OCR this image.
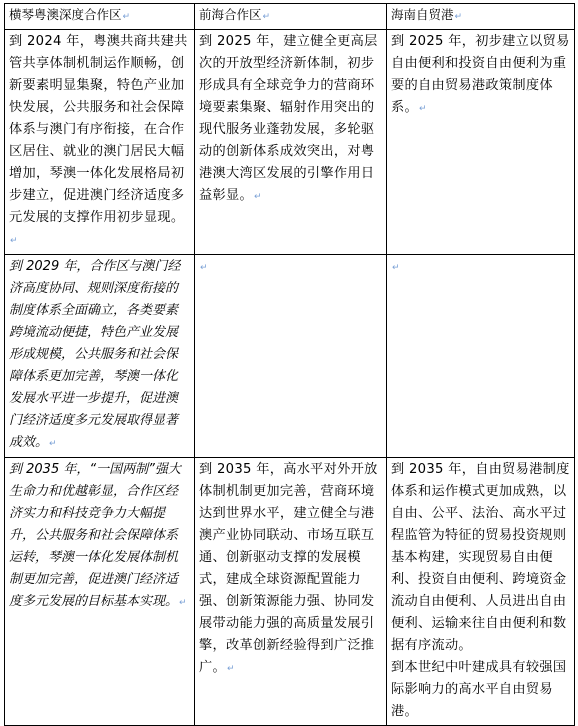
横琴粤澳深度合作区↵	前海合作区↵	海南自贸港↵
到 2024 年，粤澳共商共建共管共享体制机制运作顺畅，创新要素明显集聚，特色产业加快发展，公共服务和社会保障体系与澳门有序衔接，在合作区居住、就业的澳门居民大幅增加，琴澳一体化发展格局初步建立，促进澳门经济适度多元发展的支撑作用初步显现。↵	到 2025 年，建立健全更高层次的开放型经济新体制，初步形成具有全球竞争力的营商环境要素集聚、辐射作用突出的现代服务业蓬勃发展，多轮驱动的创新体系成效突出，对粤港澳大湾区发展的引擎作用日益彰显。↵	到 2025 年，初步建立以贸易自由便利和投资自由便利为重要的自由贸易港政策制度体系。↵
到 2029 年，合作区与澳门经济高度协同、规则深度衔接的制度体系全面确立，各类要素跨境流动便捷，特色产业发展形成规模，公共服务和社会保障体系更加完善，琴澳一体化发展水平进一步提升，促进澳门经济适度多元发展取得显著成效。↵	↵	↵
到 2035 年，“一国两制”强大生命力和优越彰显，合作区经济实力和科技竞争力大幅提升，公共服务和社会保障体系运转，琴澳一体化发展体制机制更加完善，促进澳门经济适度多元发展的目标基本实现。↵	到 2035 年，高水平对外开放体制机制更加完善，营商环境达到世界水平，建立健全与港澳产业协同联动、市场互联互通、创新驱动支撑的发展模式，建成全球资源配置能力强、创新策源能力强、协同发展带动能力强的高质量发展引擎，改革创新经验得到广泛推广。↵	到 2035 年，自由贸易港制度体系和运作模式更加成熟，以自由、公平、法治、高水平过程监管为特征的贸易投资规则基本构建，实现贸易自由便利、投资自由便利、跨境资金流动自由便利、人员进出自由便利、运输来往自由便利和数据有序流动。
到本世纪中叶建成具有较强国际影响力的高水平自由贸易港。
